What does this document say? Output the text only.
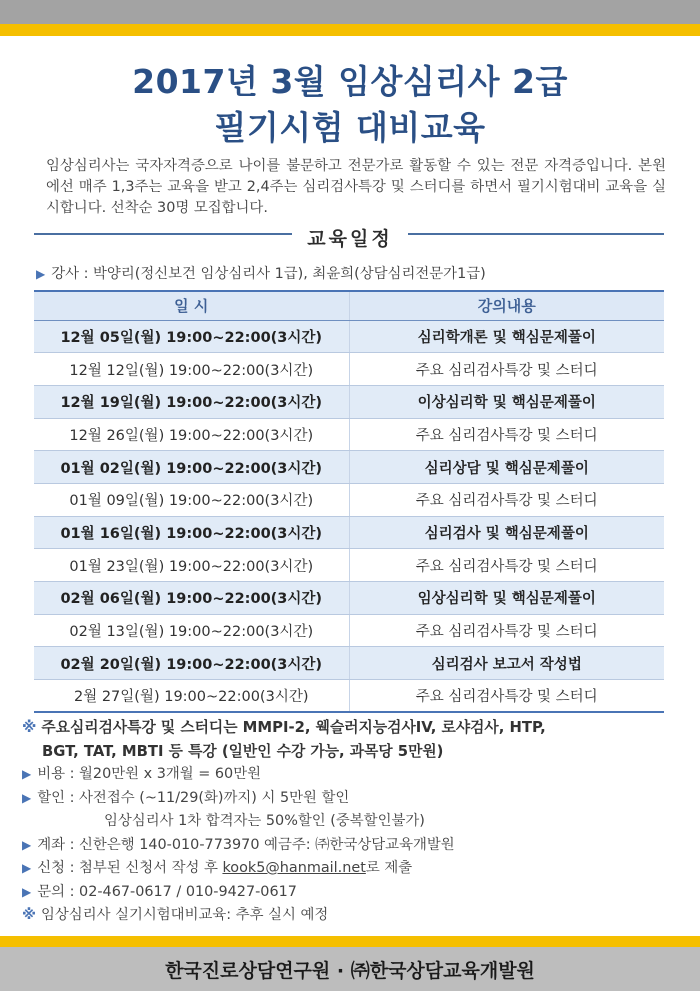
2017년 3월 임상심리사 2급
필기시험 대비교육
임상심리사는 국자자격증으로 나이를 불문하고 전문가로 활동할 수 있는 전문 자격증입니다. 본원에선 매주 1,3주는 교육을 받고 2,4주는 심리검사특강 및 스터디를 하면서 필기시험대비 교육을 실시합니다. 선착순 30명 모집합니다.
교육일정
▶ 강사 : 박양리(정신보건 임상심리사 1급), 최윤희(상담심리전문가1급)
일 시	강의내용
12월 05일(월) 19:00~22:00(3시간)	심리학개론 및 핵심문제풀이
12월 12일(월) 19:00~22:00(3시간)	주요 심리검사특강 및 스터디
12월 19일(월) 19:00~22:00(3시간)	이상심리학 및 핵심문제풀이
12월 26일(월) 19:00~22:00(3시간)	주요 심리검사특강 및 스터디
01월 02일(월) 19:00~22:00(3시간)	심리상담 및 핵심문제풀이
01월 09일(월) 19:00~22:00(3시간)	주요 심리검사특강 및 스터디
01월 16일(월) 19:00~22:00(3시간)	심리검사 및 핵심문제풀이
01월 23일(월) 19:00~22:00(3시간)	주요 심리검사특강 및 스터디
02월 06일(월) 19:00~22:00(3시간)	임상심리학 및 핵심문제풀이
02월 13일(월) 19:00~22:00(3시간)	주요 심리검사특강 및 스터디
02월 20일(월) 19:00~22:00(3시간)	심리검사 보고서 작성법
2월 27일(월) 19:00~22:00(3시간)	주요 심리검사특강 및 스터디
※ 주요심리검사특강 및 스터디는 MMPI-2, 웩슬러지능검사IV, 로샤검사, HTP,
BGT, TAT, MBTI 등 특강 (일반인 수강 가능, 과목당 5만원)
▶ 비용 : 월20만원 x 3개월 = 60만원
▶ 할인 : 사전접수 (~11/29(화)까지) 시 5만원 할인
임상심리사 1차 합격자는 50%할인 (중복할인불가)
▶ 계좌 : 신한은행 140-010-773970 예금주: ㈜한국상담교육개발원
▶ 신청 : 첨부된 신청서 작성 후 kook5@hanmail.net로 제출
▶ 문의 : 02-467-0617 / 010-9427-0617
※ 임상심리사 실기시험대비교육: 추후 실시 예정
한국진로상담연구원 · ㈜한국상담교육개발원
